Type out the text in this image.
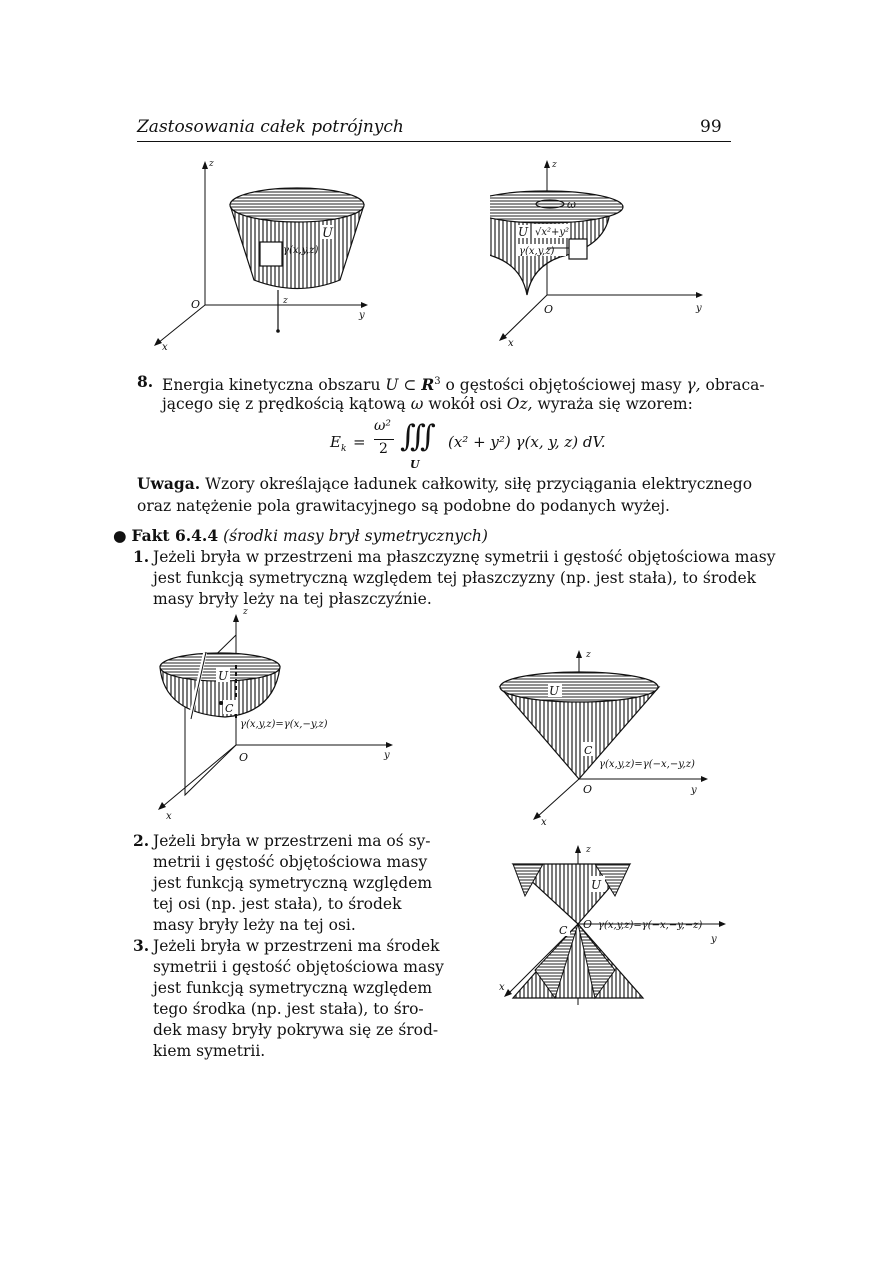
Zastosowania całek potrójnych	99
z
U
γ(x,y,z)
O	z
y
x
z
ω
√x²+y²
U
γ(x,y,z)
O	y
x
8. Energia kinetyczna obszaru U ⊂ $R^3$ o gęstości objętościowej masy γ, obraca-
jącego się z prędkością kątową ω wokół osi Oz, wyraża się wzorem:
$E_k$ =
ω²
2 ∭ (x² + y²) γ(x, y, z) dV.
U
Uwaga. Wzory określające ładunek całkowity, siłę przyciągania elektrycznego
oraz natężenie pola grawitacyjnego są podobne do podanych wyżej.
● Fakt 6.4.4 (środki masy brył symetrycznych)
1. Jeżeli bryła w przestrzeni ma płaszczyznę symetrii i gęstość objętościowa masy
jest funkcją symetryczną względem tej płaszczyzny (np. jest stała), to środek
masy bryły leży na tej płaszczyźnie.
z
U
C
γ(x,y,z)=γ(x,−y,z)
O	y
x
z
U
C
γ(x,y,z)=γ(−x,−y,z)
O	y
x
2. Jeżeli bryła w przestrzeni ma oś sy-
metrii i gęstość objętościowa masy
jest funkcją symetryczną względem
tej osi (np. jest stała), to środek
masy bryły leży na tej osi.
3. Jeżeli bryła w przestrzeni ma środek
symetrii i gęstość objętościowa masy
jest funkcją symetryczną względem
tego środka (np. jest stała), to śro-
dek masy bryły pokrywa się ze środ-
kiem symetrii.
z
U
O γ(x,y,z)=γ(−x,−y,−z)
C
y
x
